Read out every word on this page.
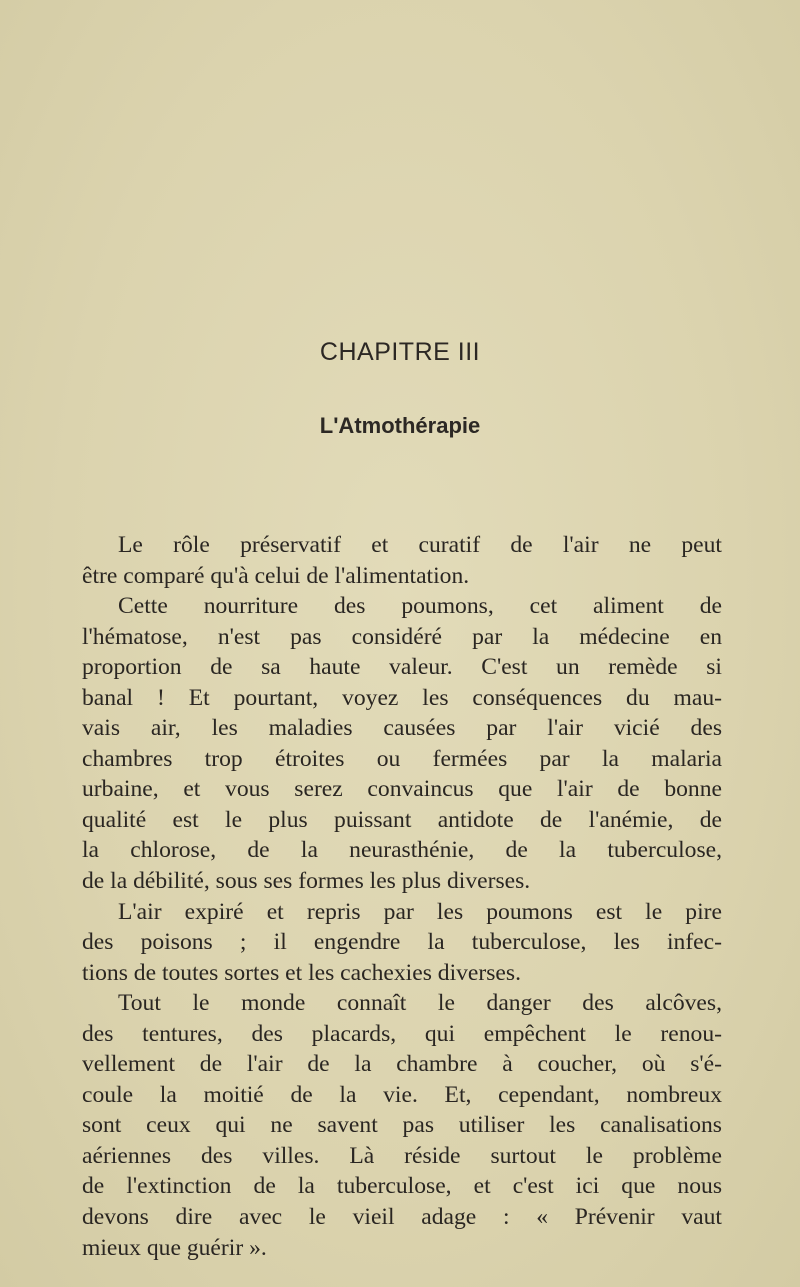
CHAPITRE III
L'Atmothérapie
Le rôle préservatif et curatif de l'air ne peut
être comparé qu'à celui de l'alimentation.
Cette nourriture des poumons, cet aliment de
l'hématose, n'est pas considéré par la médecine en
proportion de sa haute valeur. C'est un remède si
banal ! Et pourtant, voyez les conséquences du mau-
vais air, les maladies causées par l'air vicié des
chambres trop étroites ou fermées par la malaria
urbaine, et vous serez convaincus que l'air de bonne
qualité est le plus puissant antidote de l'anémie, de
la chlorose, de la neurasthénie, de la tuberculose,
de la débilité, sous ses formes les plus diverses.
L'air expiré et repris par les poumons est le pire
des poisons ; il engendre la tuberculose, les infec-
tions de toutes sortes et les cachexies diverses.
Tout le monde connaît le danger des alcôves,
des tentures, des placards, qui empêchent le renou-
vellement de l'air de la chambre à coucher, où s'é-
coule la moitié de la vie. Et, cependant, nombreux
sont ceux qui ne savent pas utiliser les canalisations
aériennes des villes. Là réside surtout le problème
de l'extinction de la tuberculose, et c'est ici que nous
devons dire avec le vieil adage : « Prévenir vaut
mieux que guérir ».
